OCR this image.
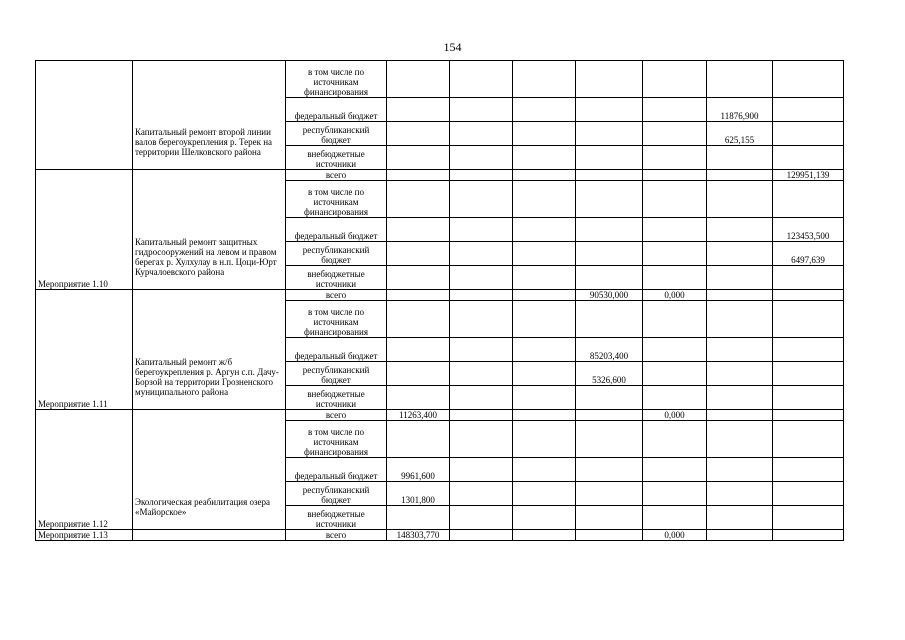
154

	Капитальный ремонт второй линии валов берегоукрепления р. Терек на территории Шелковского района	в том числе по источникам финансирования							
		федеральный бюджет						11876,900	
		республиканский бюджет						625,155	
		внебюджетные источники							
Мероприятие 1.10	Капитальный ремонт защитных гидросооружений на левом и правом берегах р. Хулхулау в н.п. Цоци-Юрт Курчалоевского района	всего							129951,139
		в том числе по источникам финансирования							
		федеральный бюджет							123453,500
		республиканский бюджет							6497,639
		внебюджетные источники							
Мероприятие 1.11	Капитальный ремонт ж/б берегоукрепления р. Аргун с.п. Дачу-Борзой на территории Грозненского муниципального района	всего				90530,000	0,000		
		в том числе по источникам финансирования							
		федеральный бюджет				85203,400			
		республиканский бюджет				5326,600			
		внебюджетные источники							
Мероприятие 1.12	Экологическая реабилитация озера «Майорское»	всего	11263,400				0,000		
		в том числе по источникам финансирования							
		федеральный бюджет	9961,600						
		республиканский бюджет	1301,800						
		внебюджетные источники							
Мероприятие 1.13		всего	148303,770				0,000		
